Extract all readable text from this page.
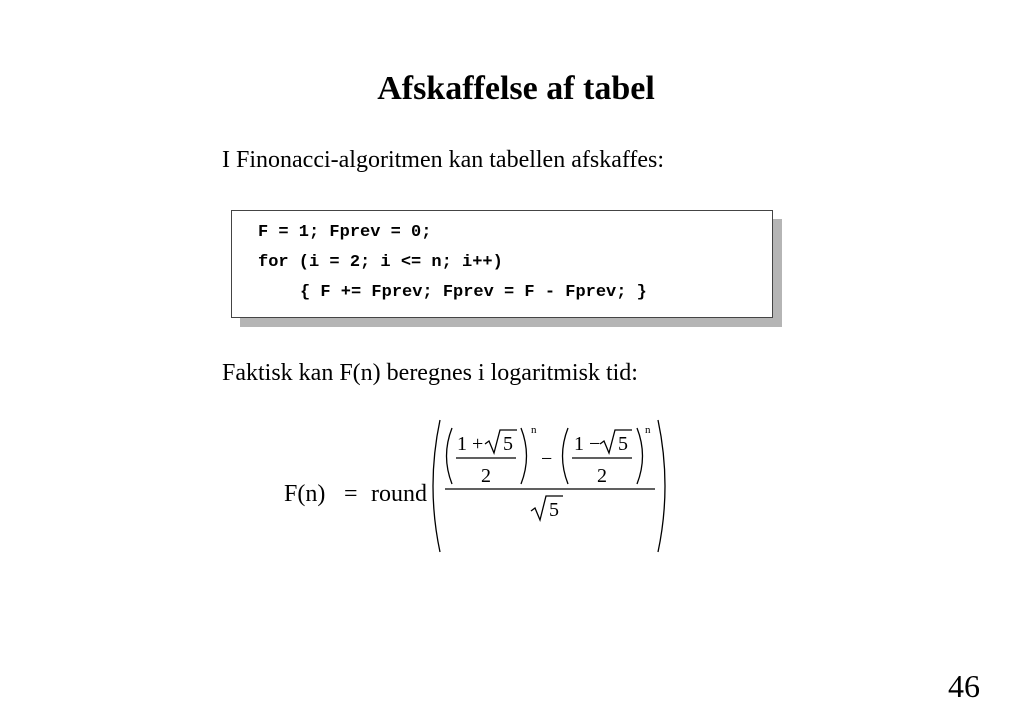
Afskaffelse af tabel
I Finonacci-algoritmen kan tabellen afskaffes:
F = 1; Fprev = 0;
for (i = 2; i <= n; i++)
{ F += Fprev; Fprev = F - Fprev; }
Faktisk kan F(n) beregnes i logaritmisk tid:
F(n) = round
1 + 5
2
n
−
1 − 5
2
n
5
46
